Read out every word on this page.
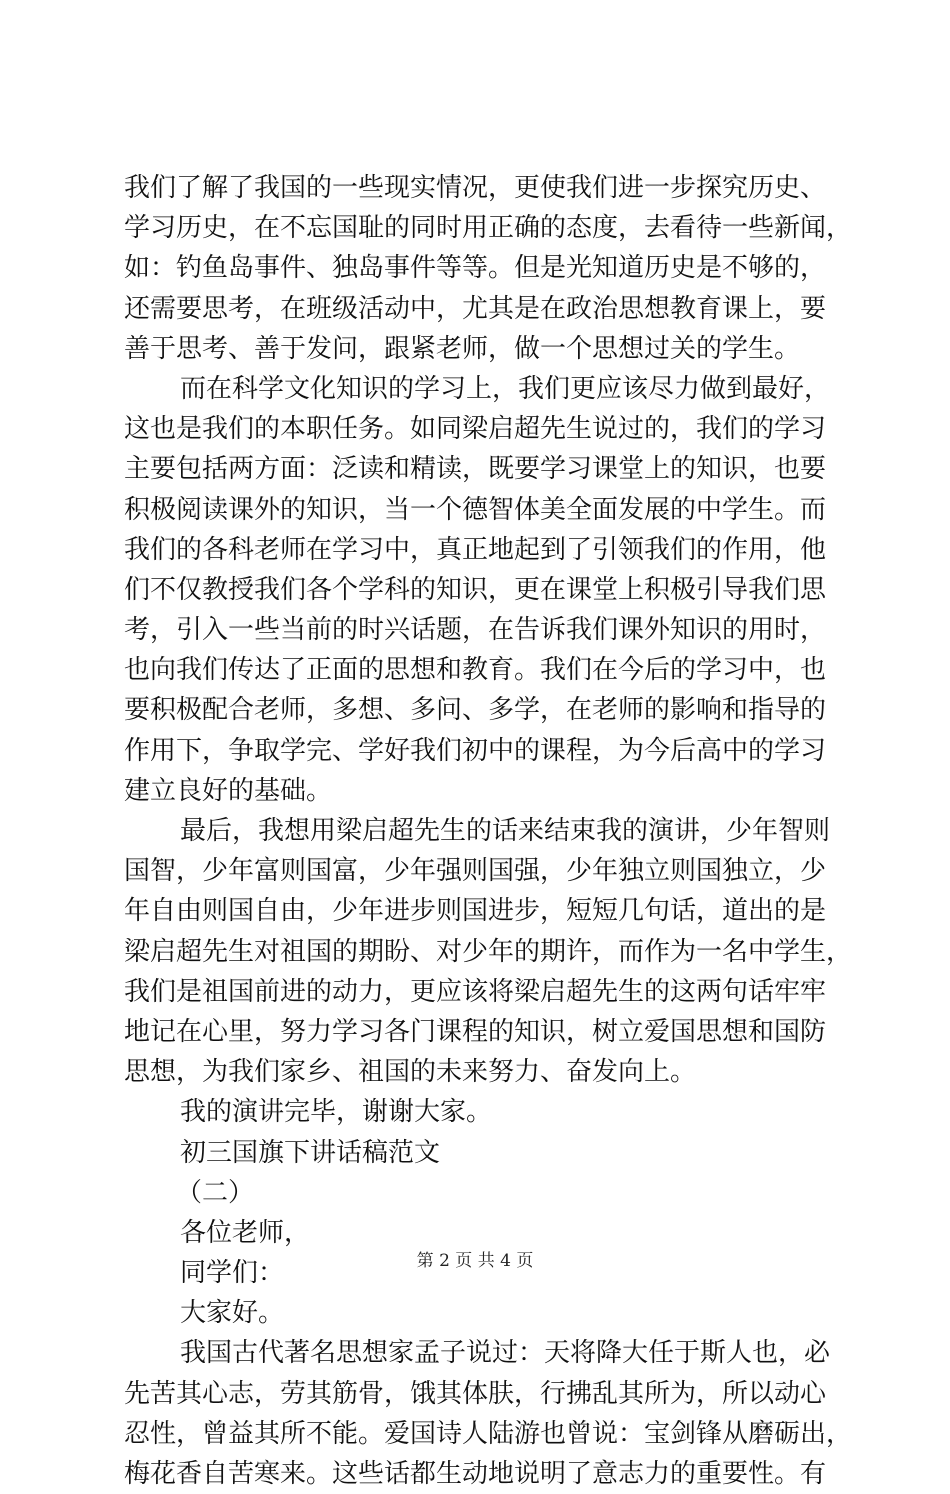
我们了解了我国的一些现实情况，更使我们进一步探究历史、
学习历史，在不忘国耻的同时用正确的态度，去看待一些新闻，
如：钓鱼岛事件、独岛事件等等。但是光知道历史是不够的，
还需要思考，在班级活动中，尤其是在政治思想教育课上，要
善于思考、善于发问，跟紧老师，做一个思想过关的学生。
而在科学文化知识的学习上，我们更应该尽力做到最好，
这也是我们的本职任务。如同梁启超先生说过的，我们的学习
主要包括两方面：泛读和精读，既要学习课堂上的知识，也要
积极阅读课外的知识，当一个德智体美全面发展的中学生。而
我们的各科老师在学习中，真正地起到了引领我们的作用，他
们不仅教授我们各个学科的知识，更在课堂上积极引导我们思
考，引入一些当前的时兴话题，在告诉我们课外知识的用时，
也向我们传达了正面的思想和教育。我们在今后的学习中，也
要积极配合老师，多想、多问、多学，在老师的影响和指导的
作用下，争取学完、学好我们初中的课程，为今后高中的学习
建立良好的基础。
最后，我想用梁启超先生的话来结束我的演讲，少年智则
国智，少年富则国富，少年强则国强，少年独立则国独立，少
年自由则国自由，少年进步则国进步，短短几句话，道出的是
梁启超先生对祖国的期盼、对少年的期许，而作为一名中学生，
我们是祖国前进的动力，更应该将梁启超先生的这两句话牢牢
地记在心里，努力学习各门课程的知识，树立爱国思想和国防
思想，为我们家乡、祖国的未来努力、奋发向上。
我的演讲完毕，谢谢大家。
初三国旗下讲话稿范文
（二）
各位老师，
同学们：
大家好。
我国古代著名思想家孟子说过：天将降大任于斯人也，必
先苦其心志，劳其筋骨，饿其体肤，行拂乱其所为，所以动心
忍性，曾益其所不能。爱国诗人陆游也曾说：宝剑锋从磨砺出，
梅花香自苦寒来。这些话都生动地说明了意志力的重要性。有
第 2 页 共 4 页
